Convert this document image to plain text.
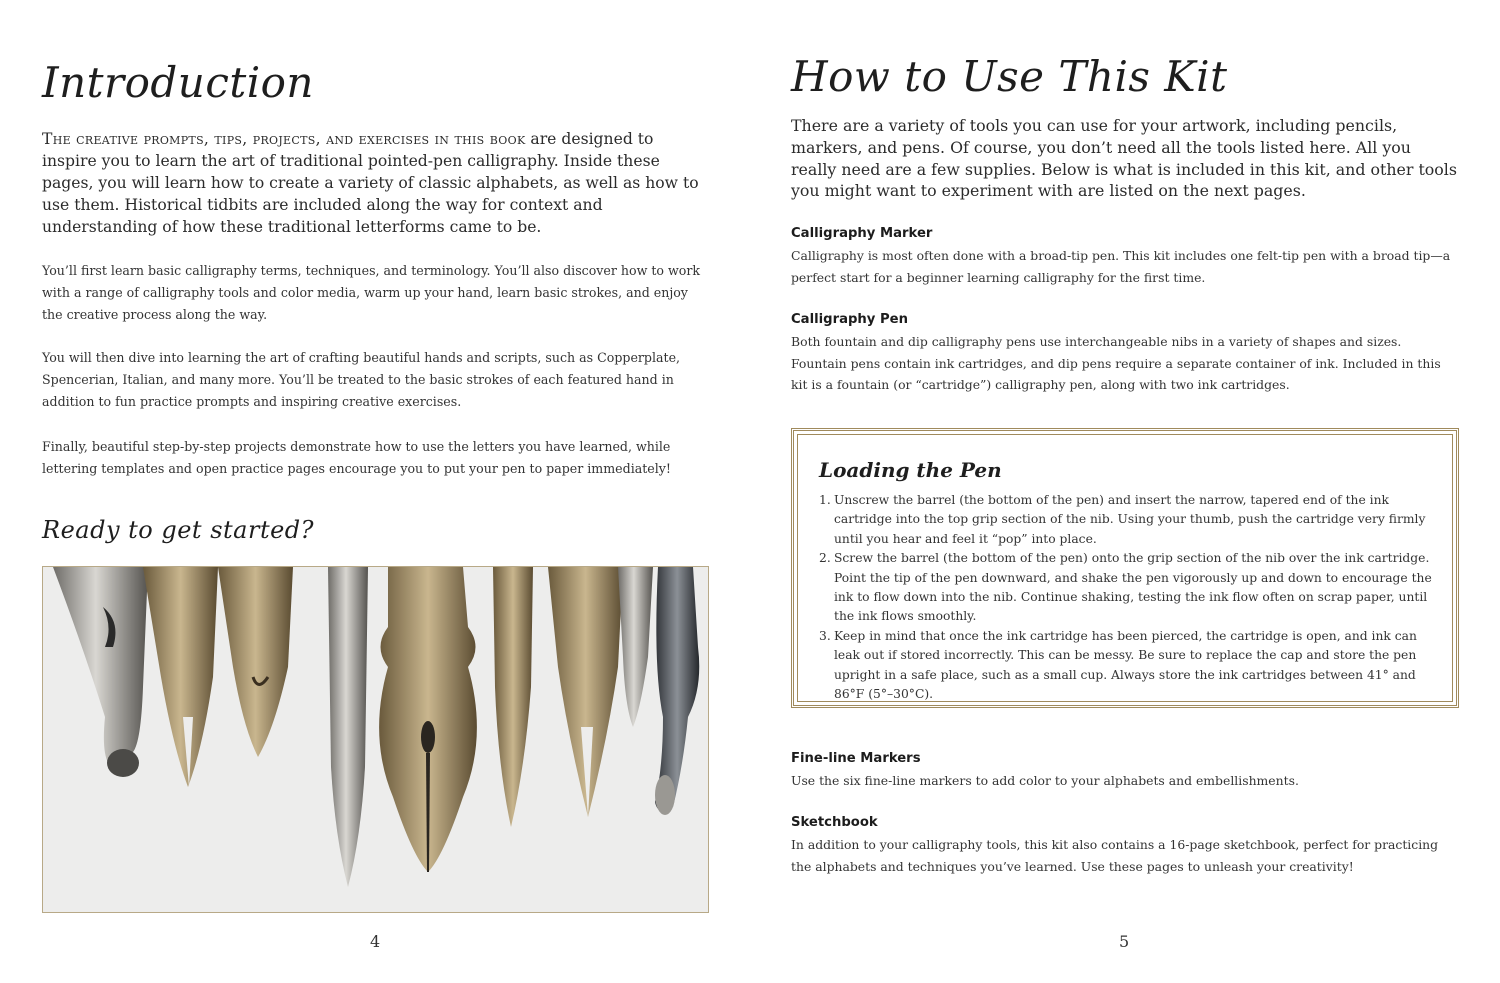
Introduction

The creative prompts, tips, projects, and exercises in this book are designed to inspire you to learn the art of traditional pointed-pen calligraphy. Inside these pages, you will learn how to create a variety of classic alphabets, as well as how to use them. Historical tidbits are included along the way for context and understanding of how these traditional letterforms came to be.

You’ll first learn basic calligraphy terms, techniques, and terminology. You’ll also discover how to work with a range of calligraphy tools and color media, warm up your hand, learn basic strokes, and enjoy the creative process along the way.

You will then dive into learning the art of crafting beautiful hands and scripts, such as Copperplate, Spencerian, Italian, and many more. You’ll be treated to the basic strokes of each featured hand in addition to fun practice prompts and inspiring creative exercises.

Finally, beautiful step-by-step projects demonstrate how to use the letters you have learned, while lettering templates and open practice pages encourage you to put your pen to paper immediately!

Ready to get started?
4
How to Use This Kit

There are a variety of tools you can use for your artwork, including pencils, markers, and pens. Of course, you don’t need all the tools listed here. All you really need are a few supplies. Below is what is included in this kit, and other tools you might want to experiment with are listed on the next pages.

Calligraphy Marker

Calligraphy is most often done with a broad-tip pen. This kit includes one felt-tip pen with a broad tip—a perfect start for a beginner learning calligraphy for the first time.

Calligraphy Pen

Both fountain and dip calligraphy pens use interchangeable nibs in a variety of shapes and sizes. Fountain pens contain ink cartridges, and dip pens require a separate container of ink. Included in this kit is a fountain (or “cartridge”) calligraphy pen, along with two ink cartridges.

Loading the Pen
1. Unscrew the barrel (the bottom of the pen) and insert the narrow, tapered end of the ink cartridge into the top grip section of the nib. Using your thumb, push the cartridge very firmly until you hear and feel it “pop” into place.
2. Screw the barrel (the bottom of the pen) onto the grip section of the nib over the ink cartridge. Point the tip of the pen downward, and shake the pen vigorously up and down to encourage the ink to flow down into the nib. Continue shaking, testing the ink flow often on scrap paper, until the ink flows smoothly.
3. Keep in mind that once the ink cartridge has been pierced, the cartridge is open, and ink can leak out if stored incorrectly. This can be messy. Be sure to replace the cap and store the pen upright in a safe place, such as a small cup. Always store the ink cartridges between 41° and 86°F (5°–30°C).
Fine-line Markers

Use the six fine-line markers to add color to your alphabets and embellishments.

Sketchbook

In addition to your calligraphy tools, this kit also contains a 16-page sketchbook, perfect for practicing the alphabets and techniques you’ve learned. Use these pages to unleash your creativity!

5
